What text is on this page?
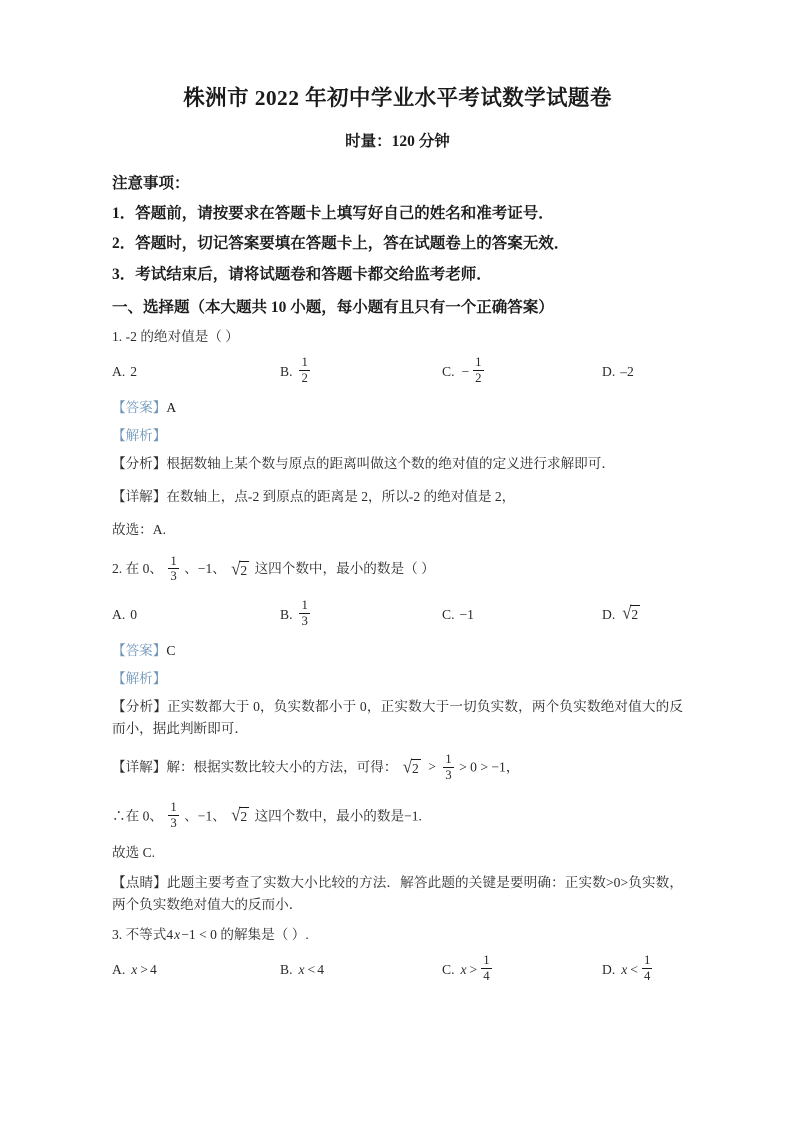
株洲市 2022 年初中学业水平考试数学试题卷
时量：120 分钟
注意事项：
1．答题前，请按要求在答题卡上填写好自己的姓名和准考证号．
2．答题时，切记答案要填在答题卡上，答在试题卷上的答案无效．
3．考试结束后，请将试题卷和答题卡都交给监考老师．
一、选择题（本大题共 10 小题，每小题有且只有一个正确答案）
1. -2 的绝对值是（ ）
A. 2	B. $\frac{1}{2}$	C. − $\frac{1}{2}$	D. –2
【答案】A
【解析】
【分析】根据数轴上某个数与原点的距离叫做这个数的绝对值的定义进行求解即可．
【详解】在数轴上，点-2 到原点的距离是 2，所以-2 的绝对值是 2，
故选：A.
2. 在 0、 $\frac{1}{3}$ 、−1、 √ 2 这四个数中，最小的数是（ ）
A. 0	B. $\frac{1}{3}$	C. −1	D. √ 2
【答案】C
【解析】
【分析】正实数都大于 0，负实数都小于 0，正实数大于一切负实数，两个负实数绝对值大的反而小，据此判断即可．
【详解】解：根据实数比较大小的方法，可得： √ $2 > \frac{1}{3} > 0 > -1$，
∴在 0、 $\frac{1}{3}$ 、−1、 √ 2 这四个数中，最小的数是−1.
故选 C.
【点睛】此题主要考查了实数大小比较的方法．解答此题的关键是要明确：正实数>0>负实数，两个负实数绝对值大的反而小．
3. 不等式4x−1 < 0 的解集是（ ）.
A. x > 4	B. x < 4	C. $x > \frac{1}{4}$	D. $x < \frac{1}{4}$
